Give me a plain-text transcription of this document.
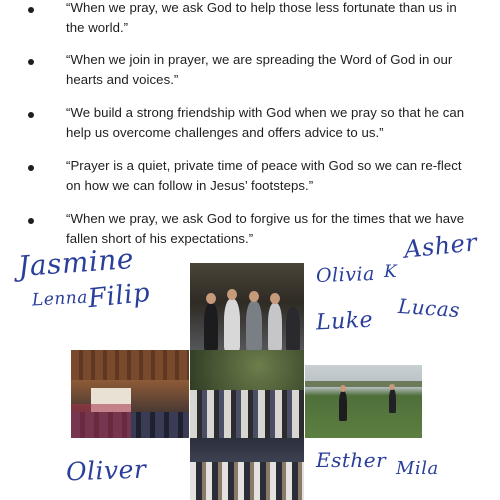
“When we pray, we ask God to help those less fortunate than us in the world.”
“When we join in prayer, we are spreading the Word of God in our hearts and voices.”
“We build a strong friendship with God when we pray so that he can help us overcome challenges and offers advice to us.”
“Prayer is a quiet, private time of peace with God so we can re-flect on how we can follow in Jesus’ footsteps.”
“When we pray, we ask God to forgive us for the times that we have fallen short of his expectations.”
Jasmine
Lenna
Filip
Olivia K
Asher
Luke Lucas
Oliver	Esther Mila
